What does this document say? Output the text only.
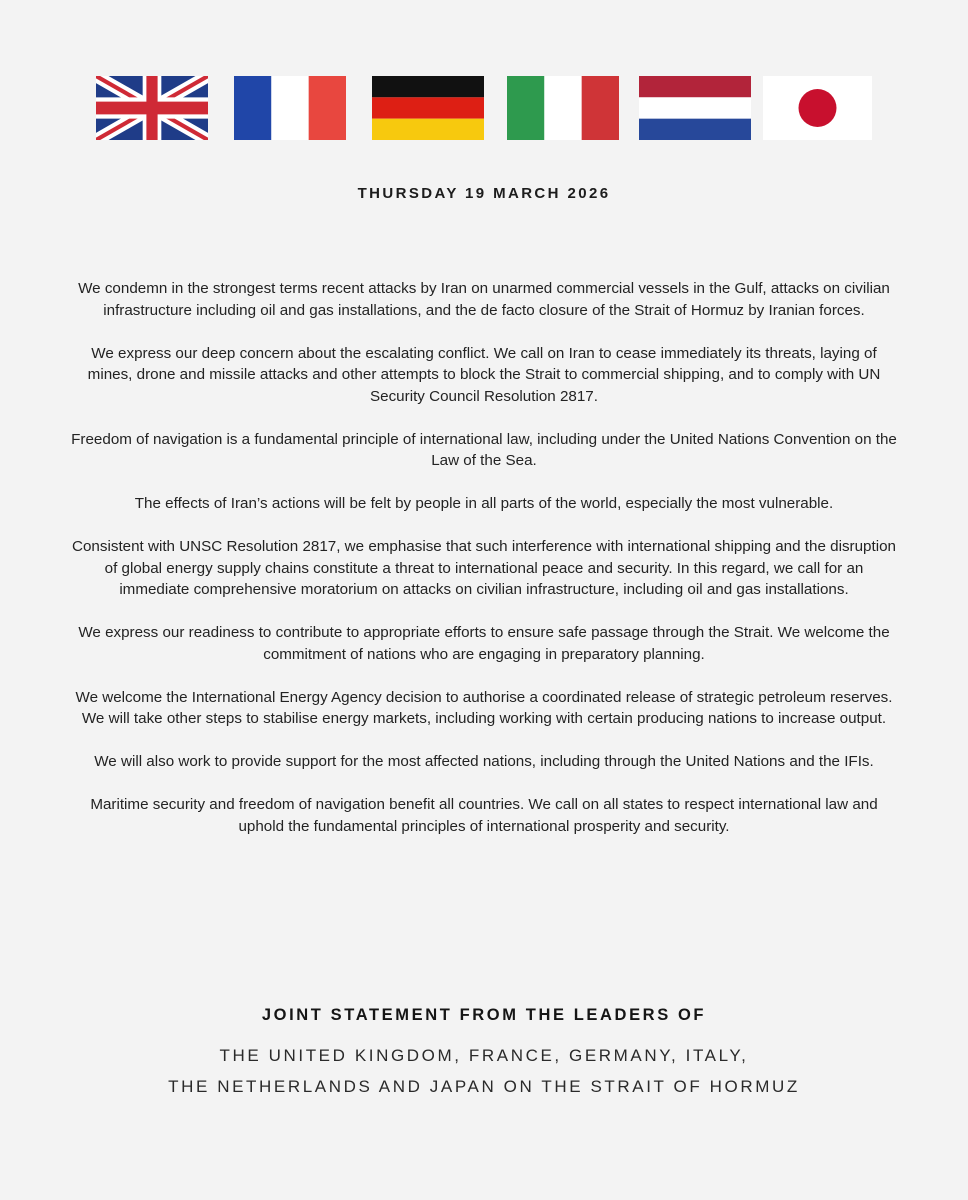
THURSDAY 19 MARCH 2026

We condemn in the strongest terms recent attacks by Iran on unarmed commercial vessels in the Gulf, attacks on civilian infrastructure including oil and gas installations, and the de facto closure of the Strait of Hormuz by Iranian forces.

We express our deep concern about the escalating conflict. We call on Iran to cease immediately its threats, laying of mines, drone and missile attacks and other attempts to block the Strait to commercial shipping, and to comply with UN Security Council Resolution 2817.

Freedom of navigation is a fundamental principle of international law, including under the United Nations Convention on the Law of the Sea.

The effects of Iran’s actions will be felt by people in all parts of the world, especially the most vulnerable.

Consistent with UNSC Resolution 2817, we emphasise that such interference with international shipping and the disruption of global energy supply chains constitute a threat to international peace and security. In this regard, we call for an immediate comprehensive moratorium on attacks on civilian infrastructure, including oil and gas installations.

We express our readiness to contribute to appropriate efforts to ensure safe passage through the Strait. We welcome the commitment of nations who are engaging in preparatory planning.

We welcome the International Energy Agency decision to authorise a coordinated release of strategic petroleum reserves. We will take other steps to stabilise energy markets, including working with certain producing nations to increase output.

We will also work to provide support for the most affected nations, including through the United Nations and the IFIs.

Maritime security and freedom of navigation benefit all countries. We call on all states to respect international law and uphold the fundamental principles of international prosperity and security.

JOINT STATEMENT FROM THE LEADERS OF
THE UNITED KINGDOM, FRANCE, GERMANY, ITALY,
THE NETHERLANDS AND JAPAN ON THE STRAIT OF HORMUZ
